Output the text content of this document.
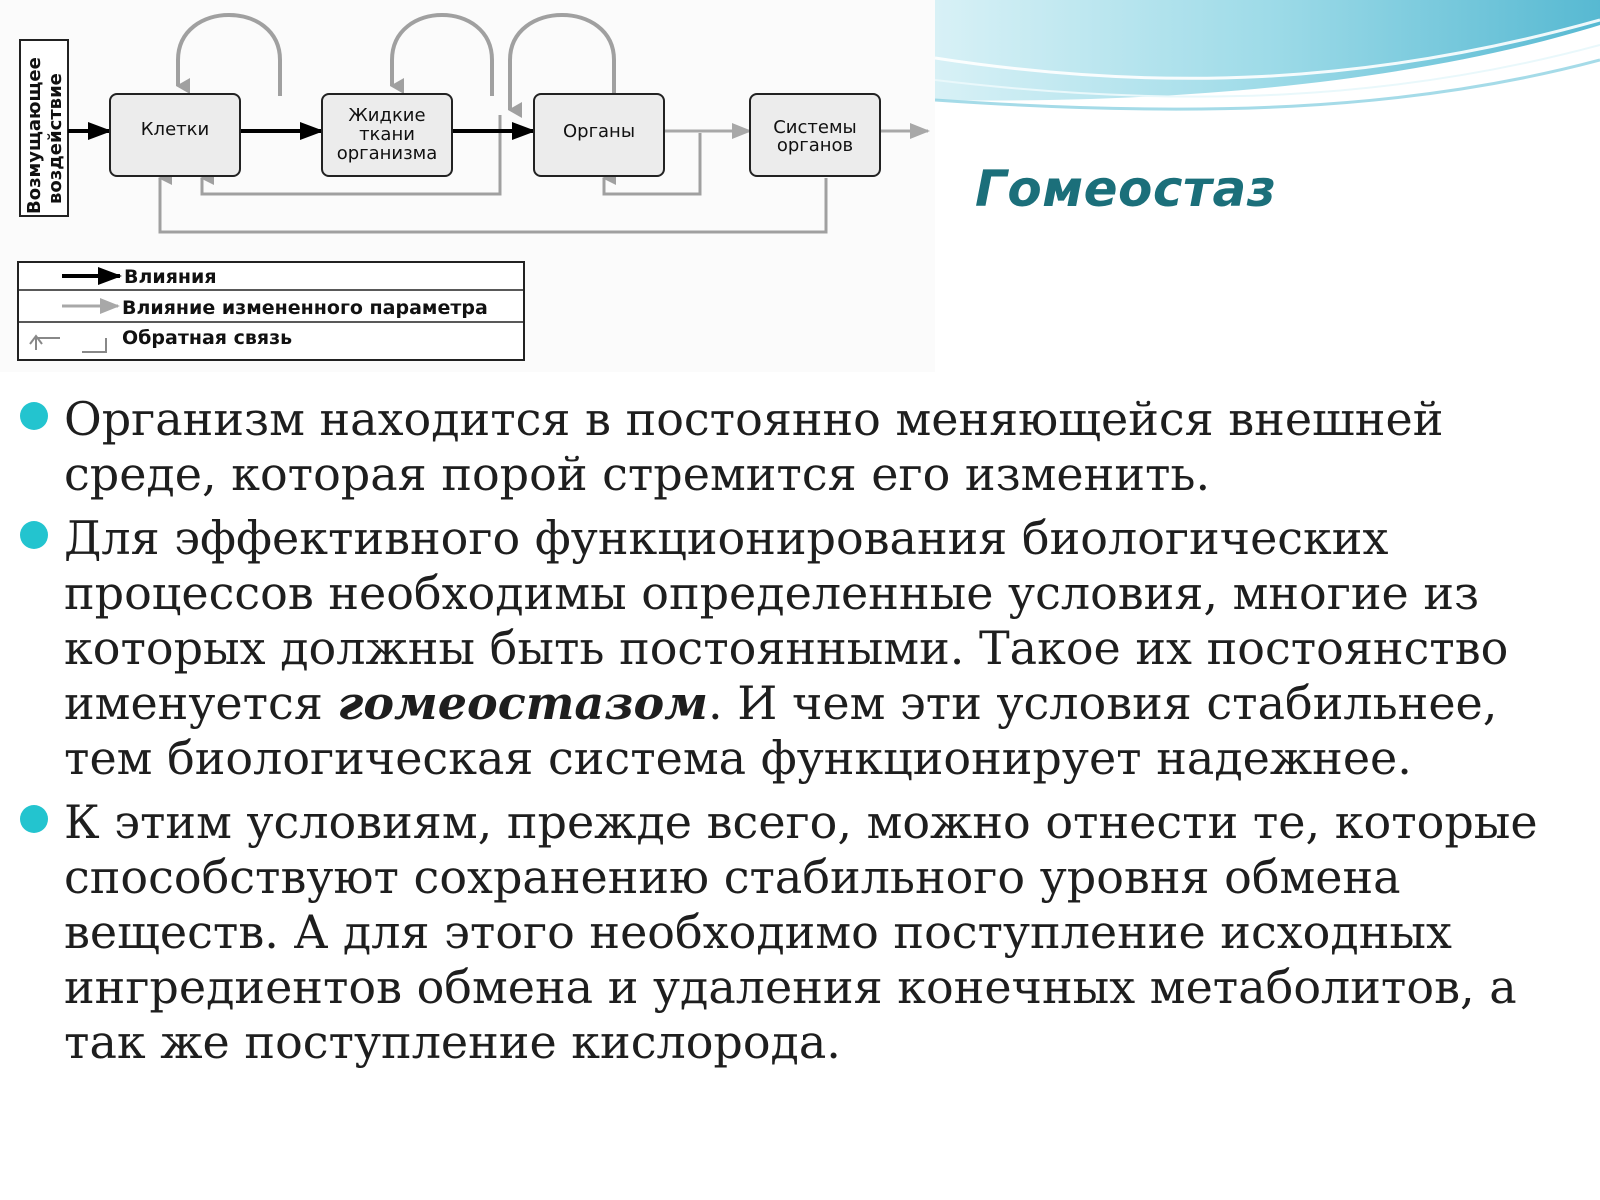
Гомеостаз
Возмущающее воздействие	Клетки
Жидкие
ткани
организма
Органы	Системы
органов
Влияния
Влияние измененного параметра
Обратная связь
Организм находится в постоянно меняющейся внешней среде, которая порой стремится его изменить.
Для эффективного функционирования биологических процессов необходимы определенные условия, многие из которых должны быть постоянными. Такое их постоянство именуется гомеостазом. И чем эти условия стабильнее, тем биологическая система функционирует надежнее.
К этим условиям, прежде всего, можно отнести те, которые способствуют сохранению стабильного уровня обмена веществ. А для этого необходимо поступление исходных ингредиентов обмена и удаления конечных метаболитов, а так же поступление кислорода.
